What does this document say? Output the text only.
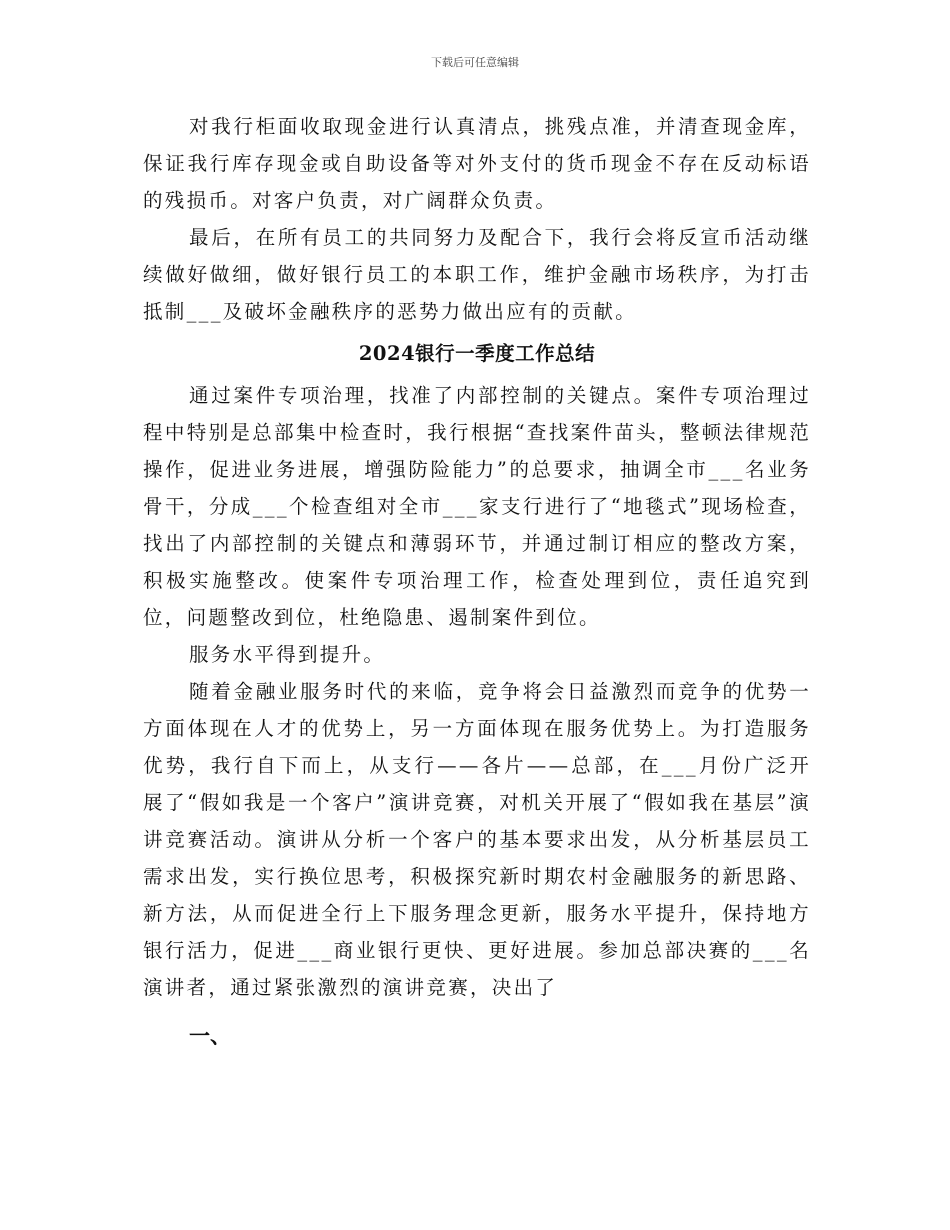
下载后可任意编辑

对我行柜面收取现金进行认真清点，挑残点准，并清查现金库，保证我行库存现金或自助设备等对外支付的货币现金不存在反动标语的残损币。对客户负责，对广阔群众负责。

最后，在所有员工的共同努力及配合下，我行会将反宣币活动继续做好做细，做好银行员工的本职工作，维护金融市场秩序，为打击抵制___及破坏金融秩序的恶势力做出应有的贡献。

2024银行一季度工作总结

通过案件专项治理，找准了内部控制的关键点。案件专项治理过程中特别是总部集中检查时，我行根据“查找案件苗头，整顿法律规范操作，促进业务进展，增强防险能力”的总要求，抽调全市___名业务骨干，分成___个检查组对全市___家支行进行了“地毯式”现场检查，找出了内部控制的关键点和薄弱环节，并通过制订相应的整改方案，积极实施整改。使案件专项治理工作，检查处理到位，责任追究到位，问题整改到位，杜绝隐患、遏制案件到位。

服务水平得到提升。

随着金融业服务时代的来临，竞争将会日益激烈而竞争的优势一方面体现在人才的优势上，另一方面体现在服务优势上。为打造服务优势，我行自下而上，从支行——各片——总部，在___月份广泛开展了“假如我是一个客户”演讲竞赛，对机关开展了“假如我在基层”演讲竞赛活动。演讲从分析一个客户的基本要求出发，从分析基层员工需求出发，实行换位思考，积极探究新时期农村金融服务的新思路、新方法，从而促进全行上下服务理念更新，服务水平提升，保持地方银行活力，促进___商业银行更快、更好进展。参加总部决赛的___名演讲者，通过紧张激烈的演讲竞赛，决出了

一、
